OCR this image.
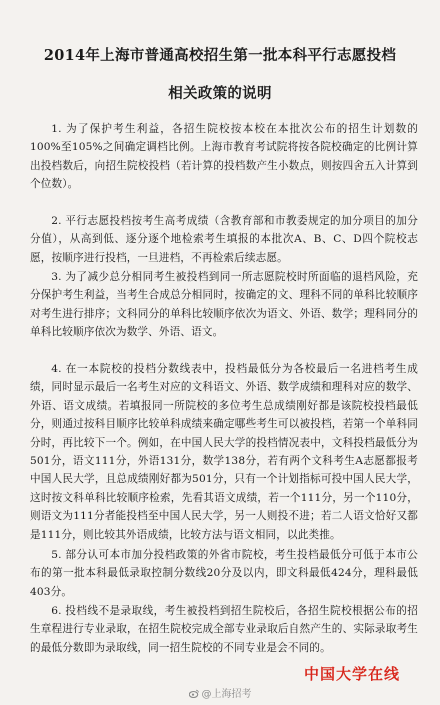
2014年上海市普通高校招生第一批本科平行志愿投档
相关政策的说明

1. 为了保护考生利益，各招生院校按本校在本批次公布的招生计划数的100%至105%之间确定调档比例。上海市教育考试院将按各院校确定的比例计算出投档数后，向招生院校投档（若计算的投档数产生小数点，则按四舍五入计算到个位数）。

2. 平行志愿投档按考生高考成绩（含教育部和市教委规定的加分项目的加分分值），从高到低、逐分逐个地检索考生填报的本批次A、B、C、D四个院校志愿，按顺序进行投档，一旦进档，不再检索后续志愿。

3. 为了减少总分相同考生被投档到同一所志愿院校时所面临的退档风险，充分保护考生利益，当考生合成总分相同时，按确定的文、理科不同的单科比较顺序对考生进行排序；文科同分的单科比较顺序依次为语文、外语、数学；理科同分的单科比较顺序依次为数学、外语、语文。

4. 在一本院校的投档分数线表中，投档最低分为各校最后一名进档考生成绩，同时显示最后一名考生对应的文科语文、外语、数学成绩和理科对应的数学、外语、语文成绩。若填报同一所院校的多位考生总成绩刚好都是该院校投档最低分，则通过按科目顺序比较单科成绩来确定哪些考生可以被投档，若第一个单科同分时，再比较下一个。例如，在中国人民大学的投档情况表中，文科投档最低分为501分，语文111分，外语131分，数学138分，若有两个文科考生A志愿都报考中国人民大学，且总成绩刚好都为501分，只有一个计划指标可投中国人民大学，这时按文科单科比较顺序检索，先看其语文成绩，若一个111分，另一个110分，则语文为111分者能投档至中国人民大学，另一人则投不进；若二人语文恰好又都是111分，则比较其外语成绩，比较方法与语文相同，以此类推。

5. 部分认可本市加分投档政策的外省市院校，考生投档最低分可低于本市公布的第一批本科最低录取控制分数线20分及以内，即文科最低424分，理科最低403分。

6. 投档线不是录取线，考生被投档到招生院校后，各招生院校根据公布的招生章程进行专业录取，在招生院校完成全部专业录取后自然产生的、实际录取考生的最低分数即为录取线，同一招生院校的不同专业是会不同的。

中国大学在线
@上海招考
